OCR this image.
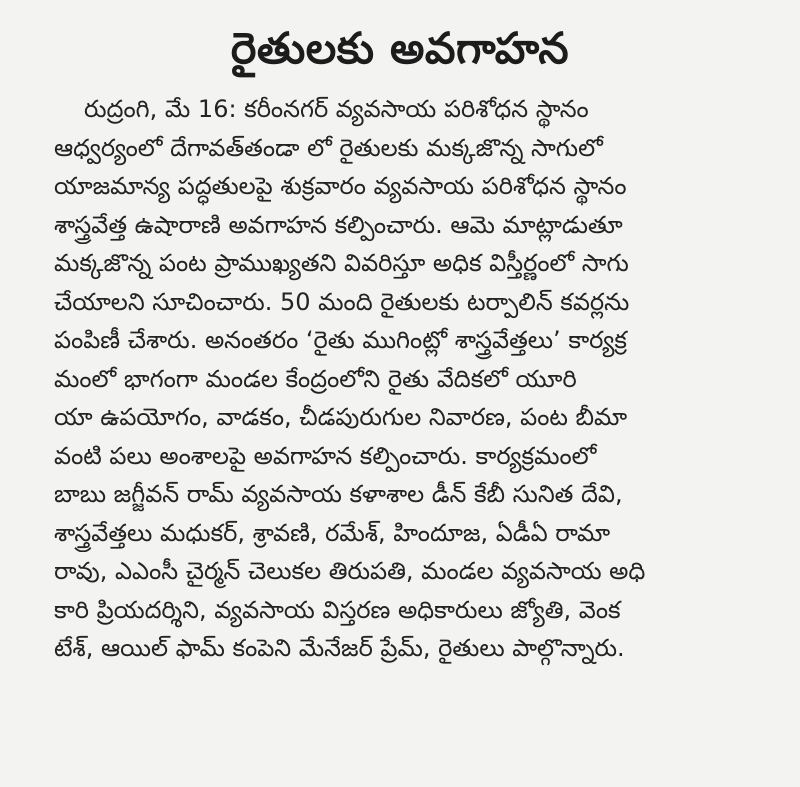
రైతులకు అవగాహన
రుద్రంగి, మే 16: కరీంనగర్ వ్యవసాయ పరిశోధన స్థానం
ఆధ్వర్యంలో దేగావత్‌తండా లో రైతులకు మక్కజొన్న సాగులో
యాజమాన్య పద్ధతులపై శుక్రవారం వ్యవసాయ పరిశోధన స్థానం
శాస్త్రవేత్త ఉషారాణి అవగాహన కల్పించారు. ఆమె మాట్లాడుతూ
మక్కజొన్న పంట ప్రాముఖ్యతని వివరిస్తూ అధిక విస్తీర్ణంలో సాగు
చేయాలని సూచించారు. 50 మంది రైతులకు టర్పాలిన్ కవర్లను
పంపిణీ చేశారు. అనంతరం ‘రైతు ముగింట్లో శాస్త్రవేత్తలు’ కార్యక్ర
మంలో భాగంగా మండల కేంద్రంలోని రైతు వేదికలో యూరి
యా ఉపయోగం, వాడకం, చీడపురుగుల నివారణ, పంట బీమా
వంటి పలు అంశాలపై అవగాహన కల్పించారు. కార్యక్రమంలో
బాబు జగ్జీవన్ రామ్ వ్యవసాయ కళాశాల డీన్ కేబీ సునిత దేవి,
శాస్త్రవేత్తలు మధుకర్, శ్రావణి, రమేశ్, హిందూజ, ఏడీఏ రామా
రావు, ఎఎంసీ చైర్మన్ చెలుకల తిరుపతి, మండల వ్యవసాయ అధి
కారి ప్రియదర్శిని, వ్యవసాయ విస్తరణ అధికారులు జ్యోతి, వెంక
టేశ్, ఆయిల్ ఫామ్ కంపెని మేనేజర్ ప్రేమ్, రైతులు పాల్గొన్నారు.
